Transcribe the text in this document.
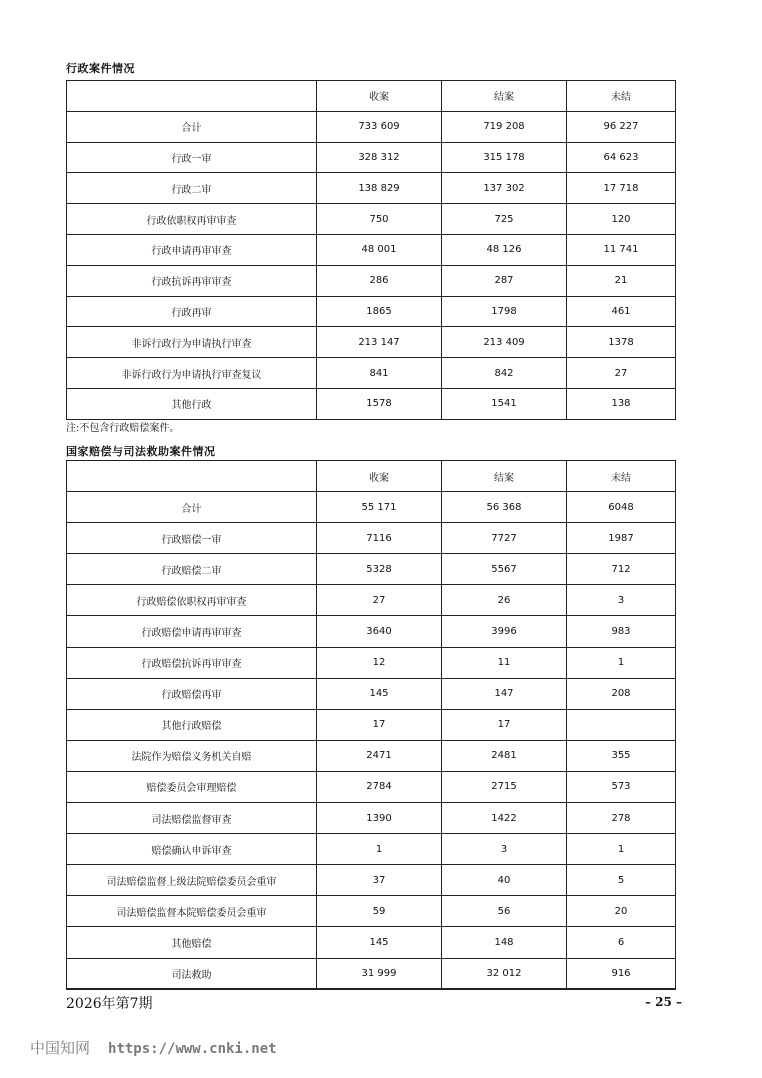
行政案件情况
	收案	结案	未结
合计	733 609	719 208	96 227
行政一审	328 312	315 178	64 623
行政二审	138 829	137 302	17 718
行政依职权再审审查	750	725	120
行政申请再审审查	48 001	48 126	11 741
行政抗诉再审审查	286	287	21
行政再审	1865	1798	461
非诉行政行为申请执行审查	213 147	213 409	1378
非诉行政行为申请执行审查复议	841	842	27
其他行政	1578	1541	138
注:不包含行政赔偿案件。
国家赔偿与司法救助案件情况
	收案	结案	未结
合计	55 171	56 368	6048
行政赔偿一审	7116	7727	1987
行政赔偿二审	5328	5567	712
行政赔偿依职权再审审查	27	26	3
行政赔偿申请再审审查	3640	3996	983
行政赔偿抗诉再审审查	12	11	1
行政赔偿再审	145	147	208
其他行政赔偿	17	17	
法院作为赔偿义务机关自赔	2471	2481	355
赔偿委员会审理赔偿	2784	2715	573
司法赔偿监督审查	1390	1422	278
赔偿确认申诉审查	1	3	1
司法赔偿监督上级法院赔偿委员会重审	37	40	5
司法赔偿监督本院赔偿委员会重审	59	56	20
其他赔偿	145	148	6
司法救助	31 999	32 012	916
2026年第7期	– 25 –
中国知网 https://www.cnki.net
